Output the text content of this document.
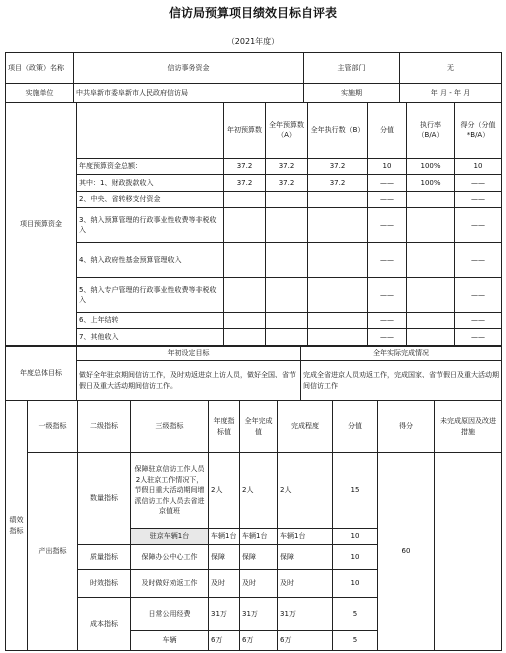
信访局预算项目绩效目标自评表
（2021年度）
项目（政策）名称	信访事务资金	主管部门	无
实施单位	中共阜新市委阜新市人民政府信访局	实施期	年 月 - 年 月
项目预算资金		年初预算数	全年预算数（A）	全年执行数（B）	分值	执行率（B/A）	得分（分值*B/A）
	年度预算资金总额：	37.2	37.2	37.2	10	100%	10
	其中：1、财政拨款收入	37.2	37.2	37.2	——	100%	——
	2、中央、省转移支付资金				——		——
	3、纳入预算管理的行政事业性收费等非税收入				——		——
	4、纳入政府性基金预算管理收入				——		——
	5、纳入专户管理的行政事业性收费等非税收入				——		——
	6、上年结转				——		——
	7、其他收入				——		——
年度总体目标	年初设定目标	全年实际完成情况
	做好全年驻京期间信访工作，及时劝返进京上访人员，做好全国、省节假日及重大活动期间信访工作。	完成全省进京人员劝返工作，完成国家、省节假日及重大活动期间信访工作
绩效指标	一级指标	二级指标	三级指标	年度指标值	全年完成值	完成程度	分值	得分	未完成原因及改进措施
	产出指标	数量指标	保障驻京信访工作人员2人驻京工作情况下，节假日重大活动期间增派信访工作人员去省进京值班	2人	2人	2人	15	60	
			驻京车辆1台	车辆1台	车辆1台	车辆1台	10		
		质量指标	保障办公中心工作	保障	保障	保障	10		
		时效指标	及时做好劝返工作	及时	及时	及时	10		
		成本指标	日常公用经费	31万	31万	31万	5		
			车辆	6万	6万	6万	5		
